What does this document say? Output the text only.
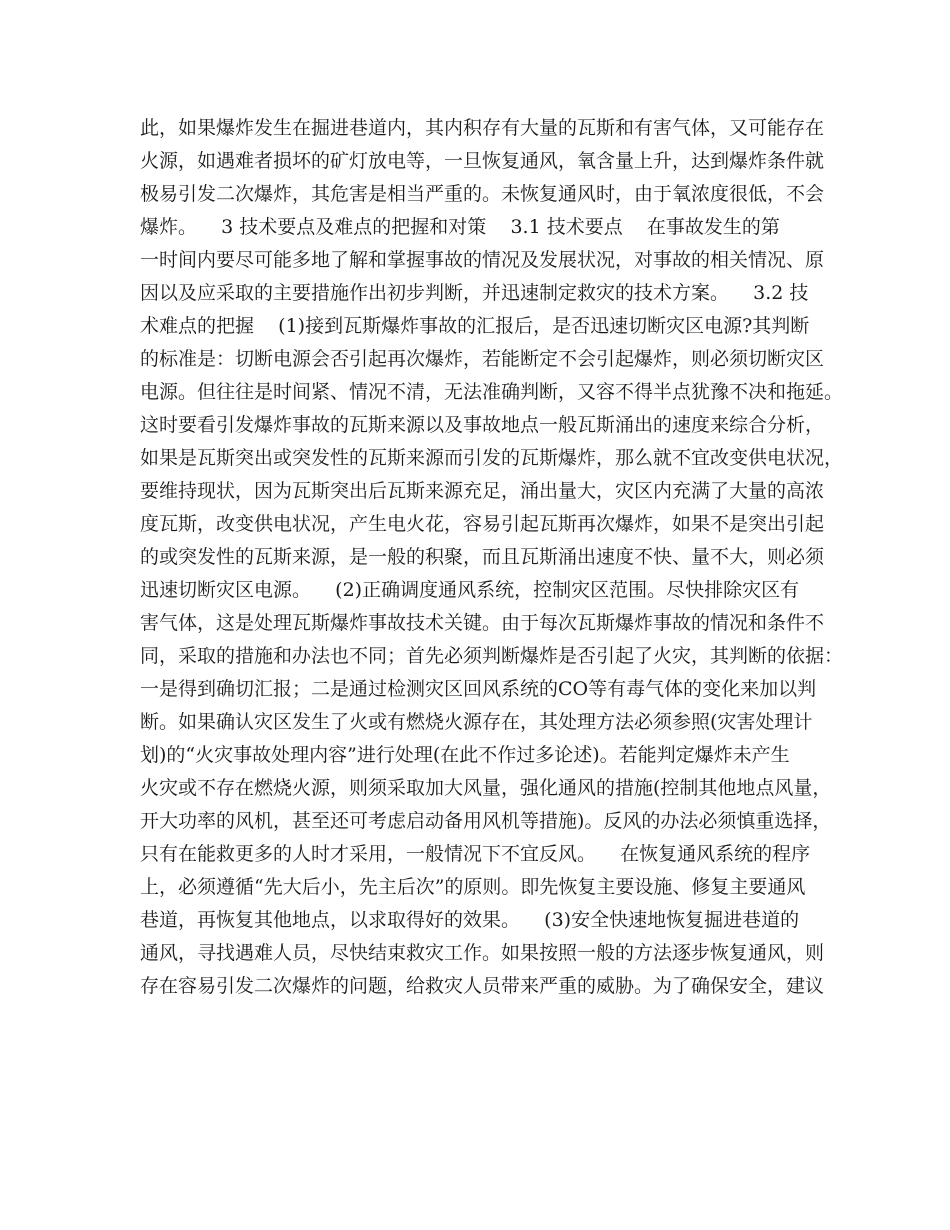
此，如果爆炸发生在掘进巷道内，其内积存有大量的瓦斯和有害气体，又可能存在
火源，如遇难者损坏的矿灯放电等，一旦恢复通风，氧含量上升，达到爆炸条件就
极易引发二次爆炸，其危害是相当严重的。未恢复通风时，由于氧浓度很低，不会
爆炸。    3 技术要点及难点的把握和对策    3.1 技术要点    在事故发生的第
一时间内要尽可能多地了解和掌握事故的情况及发展状况，对事故的相关情况、原
因以及应采取的主要措施作出初步判断，并迅速制定救灾的技术方案。    3.2 技
术难点的把握    (1)接到瓦斯爆炸事故的汇报后，是否迅速切断灾区电源?其判断
的标准是：切断电源会否引起再次爆炸，若能断定不会引起爆炸，则必须切断灾区
电源。但往往是时间紧、情况不清，无法准确判断，又容不得半点犹豫不决和拖延。
这时要看引发爆炸事故的瓦斯来源以及事故地点一般瓦斯涌出的速度来综合分析，
如果是瓦斯突出或突发性的瓦斯来源而引发的瓦斯爆炸，那么就不宜改变供电状况，
要维持现状，因为瓦斯突出后瓦斯来源充足，涌出量大，灾区内充满了大量的高浓
度瓦斯，改变供电状况，产生电火花，容易引起瓦斯再次爆炸，如果不是突出引起
的或突发性的瓦斯来源，是一般的积聚，而且瓦斯涌出速度不快、量不大，则必须
迅速切断灾区电源。    (2)正确调度通风系统，控制灾区范围。尽快排除灾区有
害气体，这是处理瓦斯爆炸事故技术关键。由于每次瓦斯爆炸事故的情况和条件不
同，采取的措施和办法也不同；首先必须判断爆炸是否引起了火灾，其判断的依据：
一是得到确切汇报；二是通过检测灾区回风系统的CO等有毒气体的变化来加以判
断。如果确认灾区发生了火或有燃烧火源存在，其处理方法必须参照(灾害处理计
划)的“火灾事故处理内容”进行处理(在此不作过多论述)。若能判定爆炸未产生
火灾或不存在燃烧火源，则须采取加大风量，强化通风的措施(控制其他地点风量，
开大功率的风机，甚至还可考虑启动备用风机等措施)。反风的办法必须慎重选择，
只有在能救更多的人时才采用，一般情况下不宜反风。    在恢复通风系统的程序
上，必须遵循“先大后小，先主后次”的原则。即先恢复主要设施、修复主要通风
巷道，再恢复其他地点，以求取得好的效果。    (3)安全快速地恢复掘进巷道的
通风，寻找遇难人员，尽快结束救灾工作。如果按照一般的方法逐步恢复通风，则
存在容易引发二次爆炸的问题，给救灾人员带来严重的威胁。为了确保安全，建议
